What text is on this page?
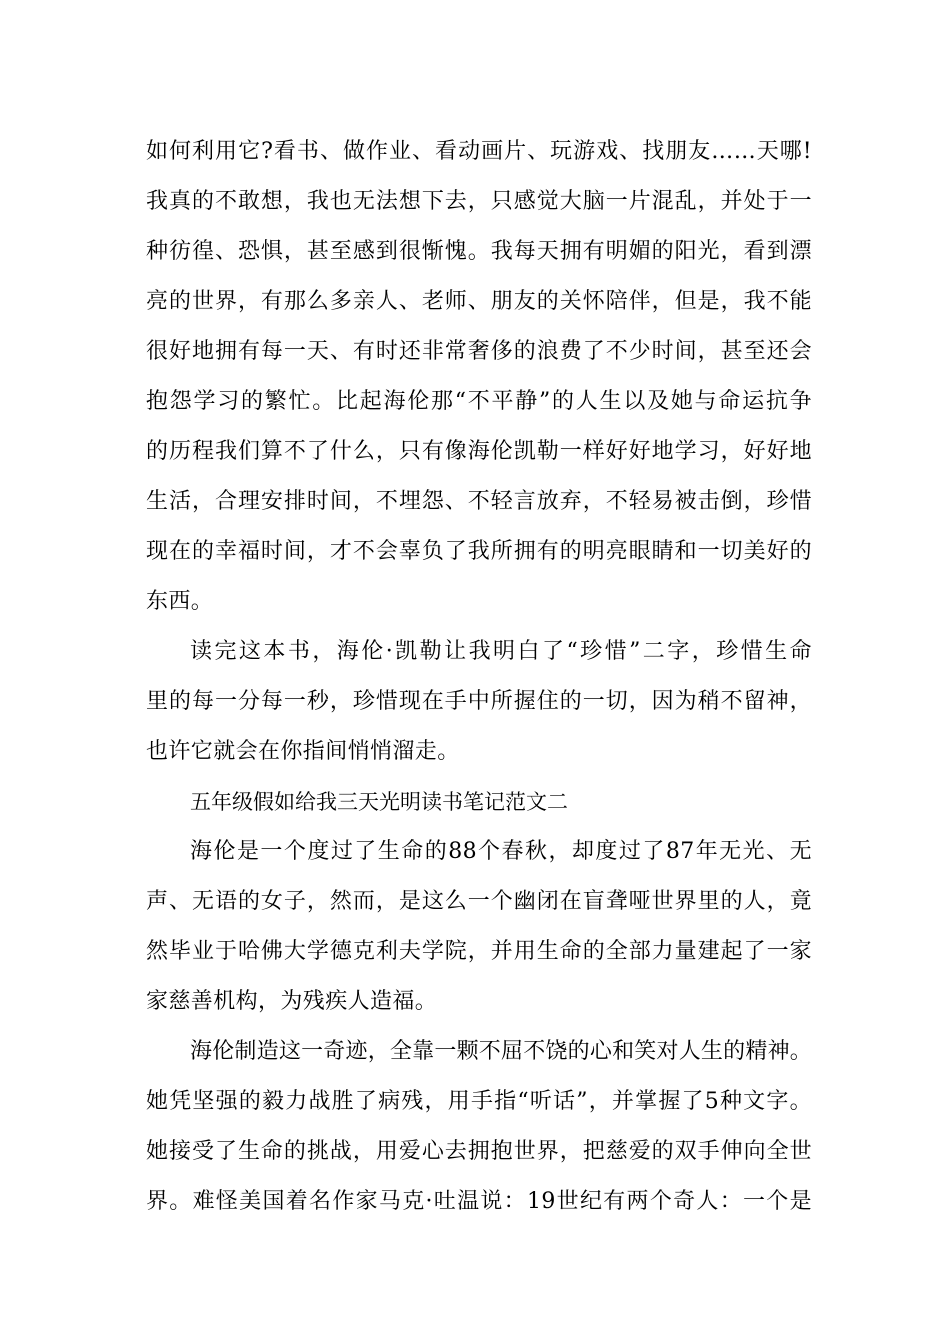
如何利用它?看书、做作业、看动画片、玩游戏、找朋友……天哪!
我真的不敢想，我也无法想下去，只感觉大脑一片混乱，并处于一
种彷徨、恐惧，甚至感到很惭愧。我每天拥有明媚的阳光，看到漂
亮的世界，有那么多亲人、老师、朋友的关怀陪伴，但是，我不能
很好地拥有每一天、有时还非常奢侈的浪费了不少时间，甚至还会
抱怨学习的繁忙。比起海伦那“不平静”的人生以及她与命运抗争
的历程我们算不了什么，只有像海伦凯勒一样好好地学习，好好地
生活，合理安排时间，不埋怨、不轻言放弃，不轻易被击倒，珍惜
现在的幸福时间，才不会辜负了我所拥有的明亮眼睛和一切美好的
东西。
读完这本书，海伦·凯勒让我明白了“珍惜”二字，珍惜生命
里的每一分每一秒，珍惜现在手中所握住的一切，因为稍不留神，
也许它就会在你指间悄悄溜走。
五年级假如给我三天光明读书笔记范文二
海伦是一个度过了生命的88个春秋，却度过了87年无光、无
声、无语的女子，然而，是这么一个幽闭在盲聋哑世界里的人，竟
然毕业于哈佛大学德克利夫学院，并用生命的全部力量建起了一家
家慈善机构，为残疾人造福。
海伦制造这一奇迹，全靠一颗不屈不饶的心和笑对人生的精神。
她凭坚强的毅力战胜了病残，用手指“听话”，并掌握了5种文字。
她接受了生命的挑战，用爱心去拥抱世界，把慈爱的双手伸向全世
界。难怪美国着名作家马克·吐温说：19世纪有两个奇人：一个是
